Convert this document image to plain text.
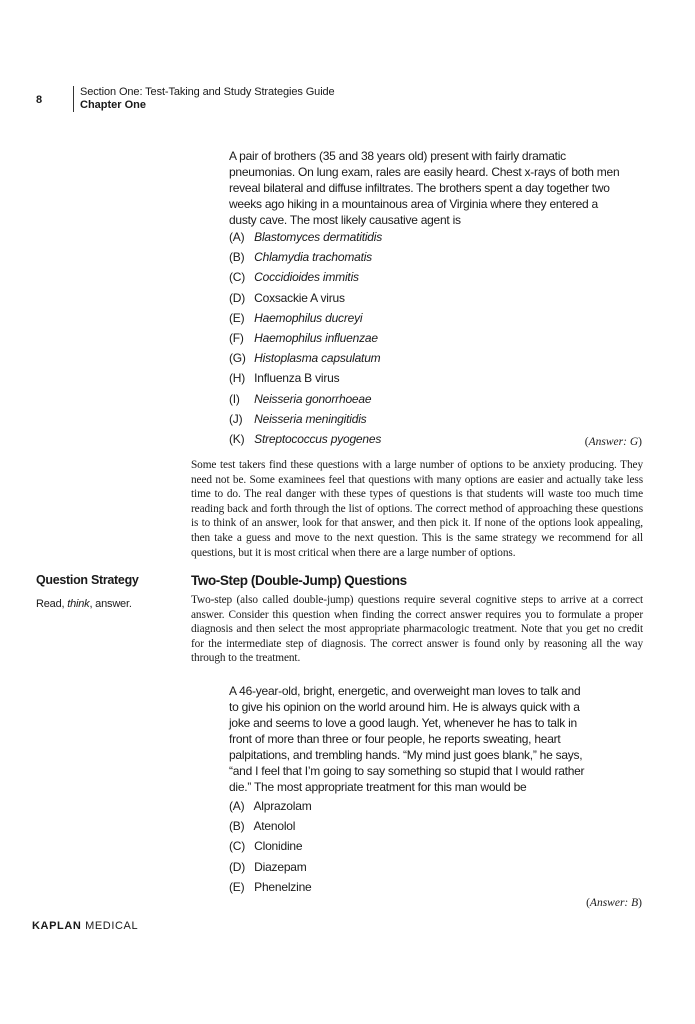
8
Section One: Test-Taking and Study Strategies Guide
Chapter One
A pair of brothers (35 and 38 years old) present with fairly dramatic pneumonias. On lung exam, rales are easily heard. Chest x-rays of both men reveal bilateral and diffuse infiltrates. The brothers spent a day together two weeks ago hiking in a mountainous area of Virginia where they entered a dusty cave. The most likely causative agent is
(A) Blastomyces dermatitidis
(B) Chlamydia trachomatis
(C) Coccidioides immitis
(D) Coxsackie A virus
(E) Haemophilus ducreyi
(F) Haemophilus influenzae
(G) Histoplasma capsulatum
(H) Influenza B virus
(I) Neisseria gonorrhoeae
(J) Neisseria meningitidis
(K) Streptococcus pyogenes	(Answer: G)
Some test takers find these questions with a large number of options to be anxiety producing. They need not be. Some examinees feel that questions with many options are easier and actually take less time to do. The real danger with these types of questions is that students will waste too much time reading back and forth through the list of options. The correct method of approaching these questions is to think of an answer, look for that answer, and then pick it. If none of the options look appealing, then take a guess and move to the next question. This is the same strategy we recommend for all questions, but it is most critical when there are a large number of options.
Question Strategy
Read, think, answer.
Two-Step (Double-Jump) Questions
Two-step (also called double-jump) questions require several cognitive steps to arrive at a correct answer. Consider this question when finding the correct answer requires you to formulate a proper diagnosis and then select the most appropriate pharmacologic treatment. Note that you get no credit for the intermediate step of diagnosis. The correct answer is found only by reasoning all the way through to the treatment.
A 46-year-old, bright, energetic, and overweight man loves to talk and to give his opinion on the world around him. He is always quick with a joke and seems to love a good laugh. Yet, whenever he has to talk in front of more than three or four people, he reports sweating, heart palpitations, and trembling hands. “My mind just goes blank,” he says, “and I feel that I’m going to say something so stupid that I would rather die.” The most appropriate treatment for this man would be
(A) Alprazolam
(B) Atenolol
(C) Clonidine
(D) Diazepam
(E) Phenelzine
(Answer: B)
KAPLAN MEDICAL
